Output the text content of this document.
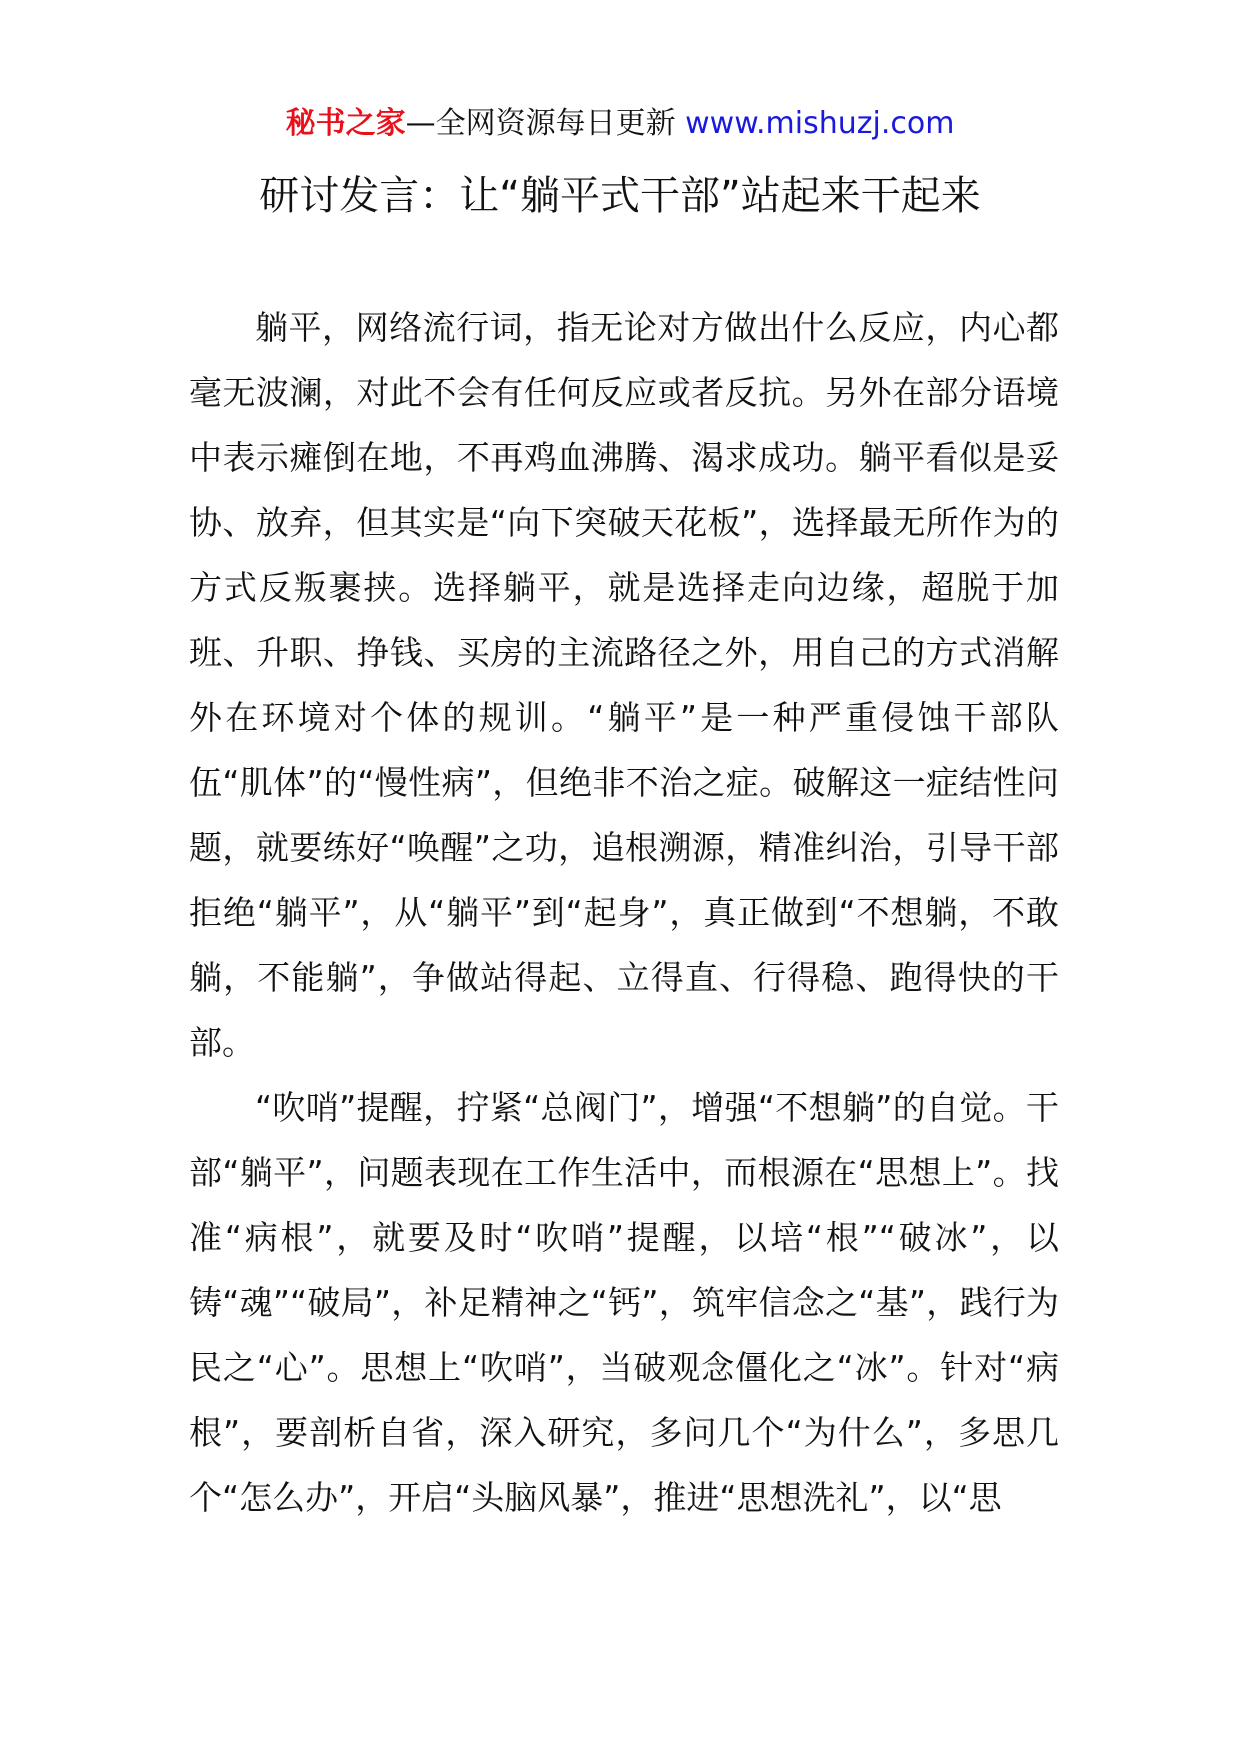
秘书之家—全网资源每日更新 www.mishuzj.com
研讨发言：让“躺平式干部”站起来干起来

躺平，网络流行词，指无论对方做出什么反应，内心都毫无波澜，对此不会有任何反应或者反抗。另外在部分语境中表示瘫倒在地，不再鸡血沸腾、渴求成功。躺平看似是妥协、放弃，但其实是“向下突破天花板”，选择最无所作为的方式反叛裹挟。选择躺平，就是选择走向边缘，超脱于加班、升职、挣钱、买房的主流路径之外，用自己的方式消解外在环境对个体的规训。“躺平”是一种严重侵蚀干部队伍“肌体”的“慢性病”，但绝非不治之症。破解这一症结性问题，就要练好“唤醒”之功，追根溯源，精准纠治，引导干部拒绝“躺平”，从“躺平”到“起身”，真正做到“不想躺，不敢躺，不能躺”，争做站得起、立得直、行得稳、跑得快的干部。

“吹哨”提醒，拧紧“总阀门”，增强“不想躺”的自觉。干部“躺平”，问题表现在工作生活中，而根源在“思想上”。找准“病根”，就要及时“吹哨”提醒，以培“根”“破冰”，以铸“魂”“破局”，补足精神之“钙”，筑牢信念之“基”，践行为民之“心”。思想上“吹哨”，当破观念僵化之“冰”。针对“病根”，要剖析自省，深入研究，多问几个“为什么”，多思几个“怎么办”，开启“头脑风暴”，推进“思想洗礼”，以“思
